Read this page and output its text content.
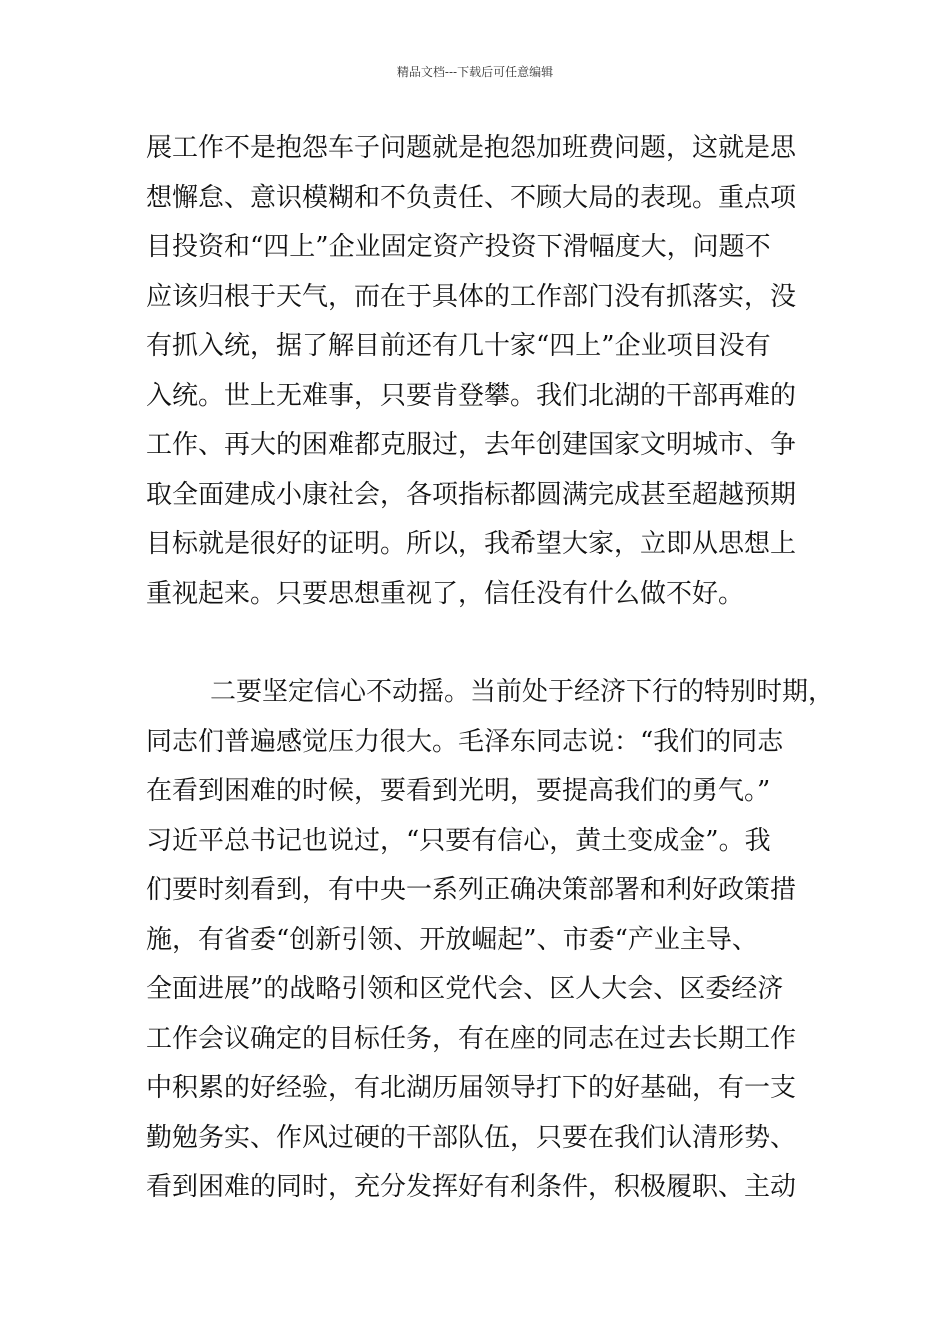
精品文档---下载后可任意编辑
展工作不是抱怨车子问题就是抱怨加班费问题，这就是思
想懈怠、意识模糊和不负责任、不顾大局的表现。重点项
目投资和“四上”企业固定资产投资下滑幅度大，问题不
应该归根于天气，而在于具体的工作部门没有抓落实，没
有抓入统，据了解目前还有几十家“四上”企业项目没有
入统。世上无难事，只要肯登攀。我们北湖的干部再难的
工作、再大的困难都克服过，去年创建国家文明城市、争
取全面建成小康社会，各项指标都圆满完成甚至超越预期
目标就是很好的证明。所以，我希望大家，立即从思想上
重视起来。只要思想重视了，信任没有什么做不好。
二要坚定信心不动摇。当前处于经济下行的特别时期，
同志们普遍感觉压力很大。毛泽东同志说：“我们的同志
在看到困难的时候，要看到光明，要提高我们的勇气。”
习近平总书记也说过，“只要有信心，黄土变成金”。我
们要时刻看到，有中央一系列正确决策部署和利好政策措
施，有省委“创新引领、开放崛起”、市委“产业主导、
全面进展”的战略引领和区党代会、区人大会、区委经济
工作会议确定的目标任务，有在座的同志在过去长期工作
中积累的好经验，有北湖历届领导打下的好基础，有一支
勤勉务实、作风过硬的干部队伍，只要在我们认清形势、
看到困难的同时，充分发挥好有利条件，积极履职、主动
